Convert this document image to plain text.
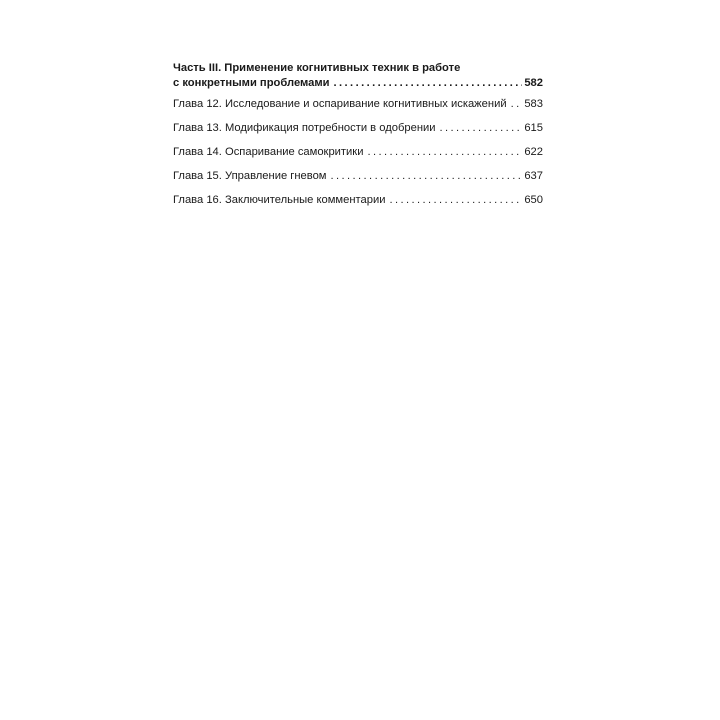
Часть III. Применение когнитивных техник в работе
с конкретными проблемами .....	582
Глава 12. Исследование и оспаривание когнитивных искажений ..... 583
Глава 13. Модификация потребности в одобрении .....	615
Глава 14. Оспаривание самокритики .....	622
Глава 15. Управление гневом .....	637
Глава 16. Заключительные комментарии .....	650
